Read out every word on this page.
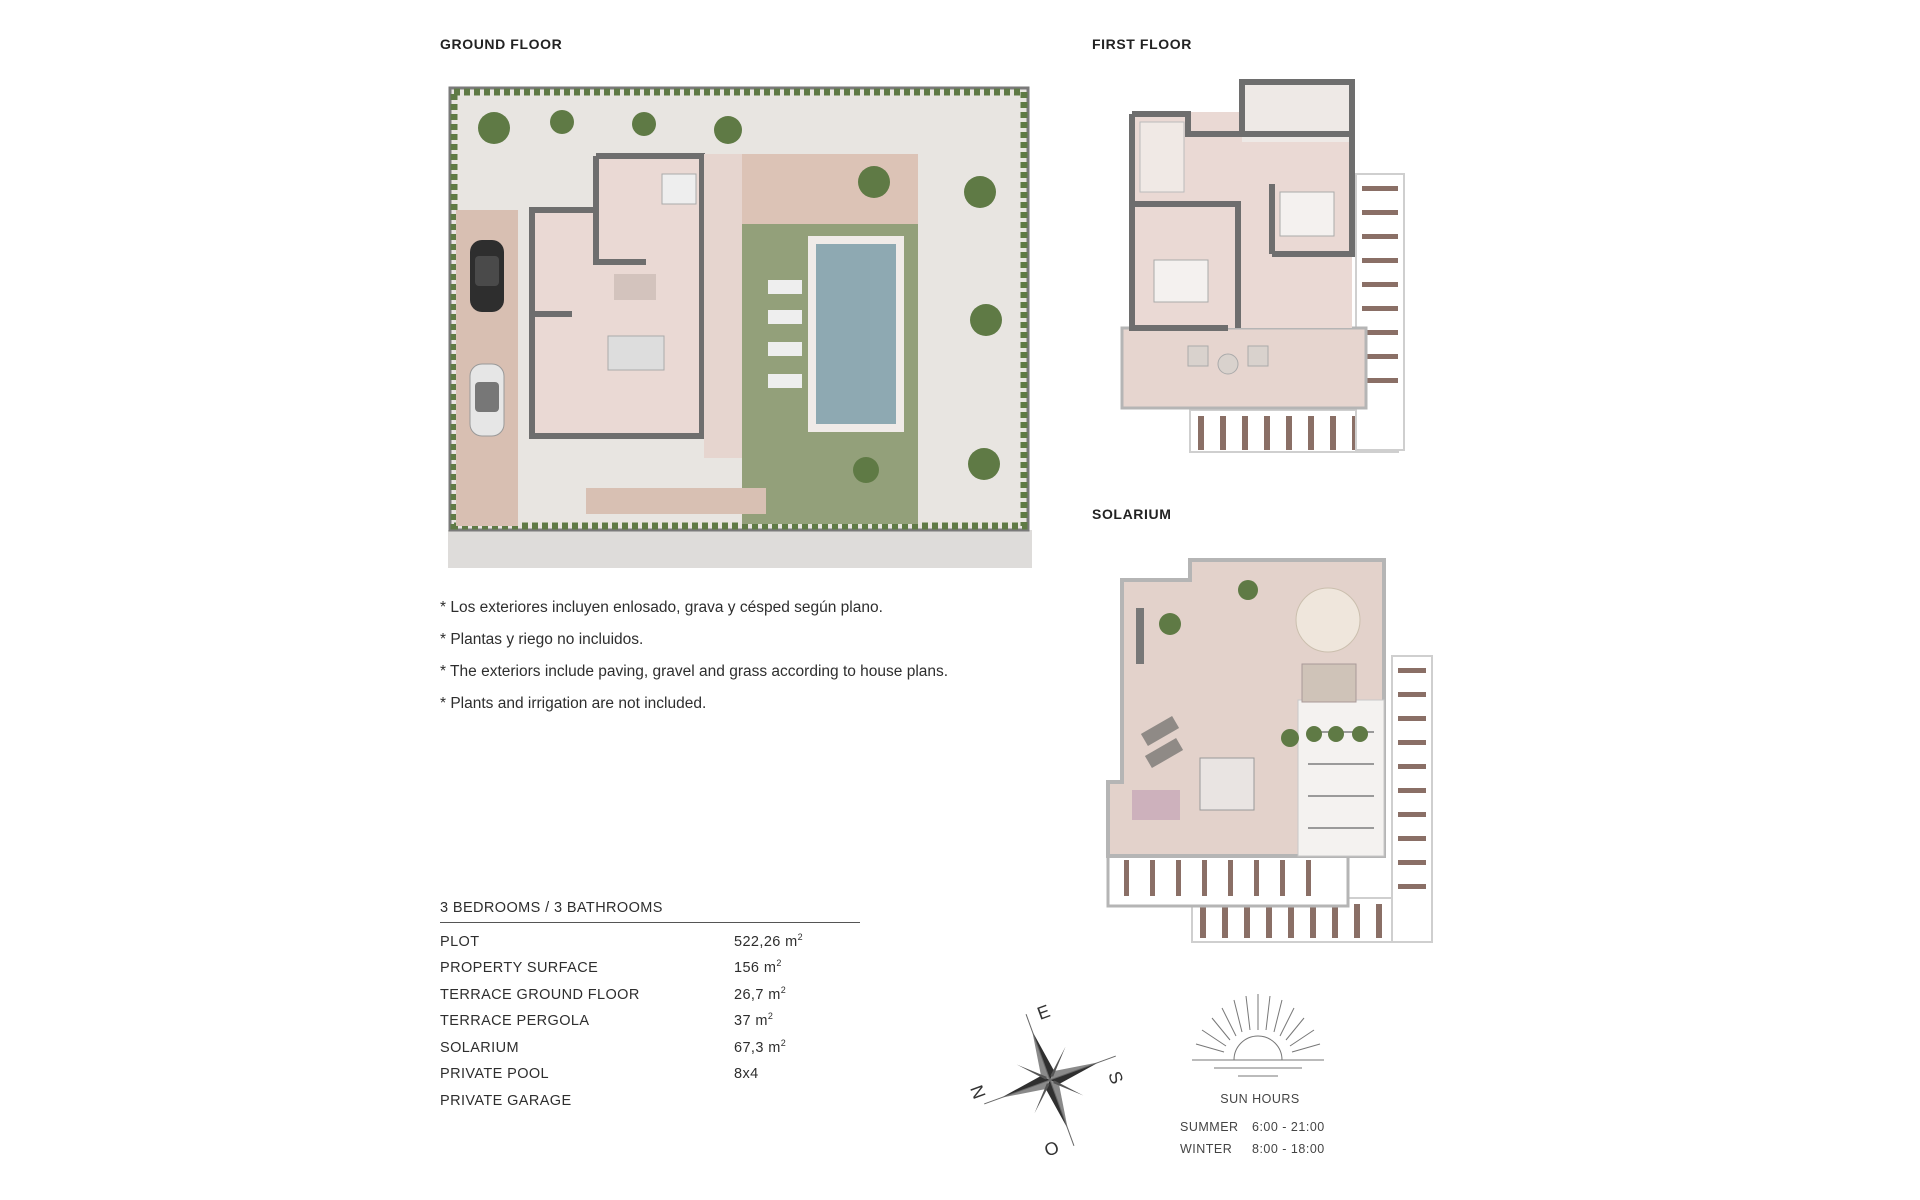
GROUND FLOOR	FIRST FLOOR
SOLARIUM
* Los exteriores incluyen enlosado, grava y césped según plano.
* Plantas y riego no incluidos.
* The exteriors include paving, gravel and grass according to house plans.
* Plants and irrigation are not included.
3 BEDROOMS / 3 BATHROOMS
PLOT	522,26 $m^2$
PROPERTY SURFACE	156 $m^2$
TERRACE GROUND FLOOR	26,7 $m^2$
TERRACE PERGOLA	37 $m^2$
SOLARIUM	67,3 $m^2$
PRIVATE POOL	8x4
PRIVATE GARAGE
E
S
N
O
SUN HOURS
SUMMER	6:00 - 21:00
WINTER	8:00 - 18:00
